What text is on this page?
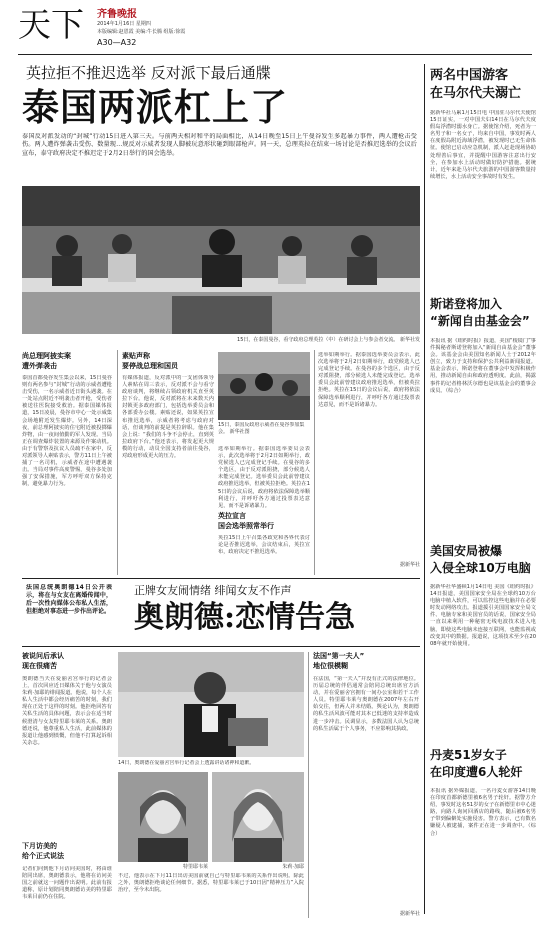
天下 齐鲁晚报
2014年1月16日 星期四
本版编辑:赵恩霞 美编:牛长腾 组版:徐霞
A30—A32
英拉拒不推迟选举 反对派下最后通牒
泰国两派杠上了
泰国反对派发动的“封城”行动15日进入第三天。与前两天相对和平的局面相比，从14日晚至15日上午曼谷发生多起暴力事件，两人遭枪击受伤。两人遭炸弹袭击受伤、数量现…规反对示威者发现人脚被玩意形状砸到眼部枪声。同一天，总理英拉在结束一场讨论是否推迟选举的会议后宣布，泰守政府决定不推迟定于2月2日举行的国会选举。
15日，在泰国曼谷，看守政府总理英拉（中）在研讨会上与参会者交流。 新华社发
尚总理阿披实案
遭外弹袭击
泰国首都曼谷发生集会以来，15日曼谷则有两名参与“封城”行动的示威者遭枪击受伤，一名示威者近日街头遇袭。在一处站点附近不明袭击者开枪，受伤者被送往医院接受救治。据泰国媒体报道，15日凌晨，曼谷市中心一处示威集会场地附近发生爆炸。另外，14日深夜，前总理阿披实的住宅附近被投掷爆炸物，由一夜间值勤的军人发现。当局正在调查爆炸装置的来源及作案动机。由于有警察及抗议人员疏不在家中，反对派领导人素贴表示，警方11日上午被捕了一名司机，示威者在途中遭遇袭击。当局对事件高度警惕，曼谷多处加强了安保措施，军方呼吁双方保持克制，避免暴力行为。
素贴声称
要停战总理和国员
有媒体报道，反对派中的一支团体领导人素贴在周三表示，反对派不会与看守政府谈判，将继续占领政府机关直至英拉下台。他说，反对派将在未来数天内封锁更多政府部门，包括选举委员会和各部委办公楼。素贴还说，如果英拉宣布推迟选举，示威者将考虑与政府对话，但谈判的前提是英拉辞职。他在集会上说：“我们的斗争不会停止，直到英拉政府下台。”他还表示，将发起更大规模的行动，动员全国支持者前往曼谷，对政府形成更大的压力。
15日，泰国反政府示威者在曼谷参加集会。 新华社图
选举如期举行。据泰国选举委员会表示，此次选举将于2月2日如期举行，政党候选人已完成登记手续。在曼谷的多个选区，由于反对派阻挠，部分候选人未能完成登记。选举委员会此前曾建议政府推迟选举，但被英拉拒绝。英拉在15日的会议后说，政府将依法保障选举顺利进行，并呼吁各方通过投票表达意见，而不是诉诸暴力。
英拉宣言
国会选举照常举行
英拉15日上午召集各政党和各界代表讨论是否推迟选举，会议结束后，英拉宣布，政府决定不推迟选举。
选举如期举行。据泰国选举委员会表示，此次选举将于2月2日如期举行，政党候选人已完成登记手续。在曼谷的多个选区，由于反对派阻挠，部分候选人未能完成登记。选举委员会此前曾建议政府推迟选举，但被英拉拒绝。英拉在15日的会议后说，政府将依法保障选举顺利进行，并呼吁各方通过投票表达意见，而不是诉诸暴力。
据新华社
两名中国游客
在马尔代夫溺亡
据新华社马累1月15日电 中国驻马尔代夫使馆15日证实，一对中国夫妇14日在马尔代夫度假岛浮潜时溺水身亡。据使馆介绍，死者为一名男子和一名女子，均来自中国，事发时两人在度假岛附近海域浮潜，被发现时已无生命体征。使馆已启动应急机制，派人赶赴现场协助处理善后事宜，并提醒中国游客注意出行安全，在参加水上活动时做好防护措施。据统计，近年来赴马尔代夫旅游的中国游客数量持续增长，水上活动安全事故时有发生。
斯诺登将加入
“新闻自由基金会”
本报讯 据《纽约时报》报道，美国“棱镜门”事件揭秘者斯诺登将加入“新闻自由基金会”董事会。该基金会由美国知名新闻人士于2012年创立，致力于支持和保护公共利益新闻报道。基金会表示，斯诺登将在董事会中发挥积极作用，推动新闻自由和政府透明度。此前，揭露事件的记者格林沃尔德也是该基金会的董事会成员。（综合）
美国安局被爆
入侵全球10万电脑
据新华社华盛顿1月14日电 美国《纽约时报》14日报道，美国国家安全局在全球约10万台电脑中植入软件，可以监控这些电脑并在必要时发动网络攻击。报道援引美国国家安全局文件、电脑专家和美国官员的话说，国家安全局一直以来利用一种秘密无线电波技术进入电脑，即使这些电脑未连接互联网，也能监视或改变其中的数据。报道说，这项技术至少在2008年就开始使用。
丹麦51岁女子
在印度遭6人轮奸
本报讯 据外媒报道，一名丹麦女游客14日晚在印度首都新德里被6名男子轮奸。据警方介绍，事发时这名51岁的女子在新德里市中心迷路，向路人询问回酒店的路线，随后被6名男子带到偏僻处实施侵害。警方表示，已有数名嫌疑人被逮捕，案件正在进一步调查中。（综合）
法国总统奥朗德14日公开表示，将在与女友在离婚传闻中，后一次性向媒体公布私人生活，但拒绝对事态进一步作出评论。
正牌女友闹情绪 绯闻女友不作声
奥朗德:恋情告急
被说问后承认
现在很痛苦
奥朗德当天在爱丽舍宫举行的记者会上，首次回应近日媒体关于他与女演员朱莉·加耶的绯闻报道。他说，每个人在私人生活中都会经历痛苦的时刻，我们现在正处于这样的时刻。他拒绝回答有关私生活的具体问题，表示会在适当时候澄清与女友特里耶韦莱的关系。奥朗德还说，他尊重私人生活，此前媒体的报道让他感到愤慨，但他不打算起诉相关杂志。
下月访美的
给个正式说法
记者们问到他下月访问美国时，将由谁陪同出席，奥朗德表示，他将在访问美国之前就这一问题作出说明。此前有报道称，原计划陪同奥朗德访美的特里耶韦莱目前仍在住院。
14日，奥朗德在爱丽舍宫举行记者会上透露讲话诸神和道歉。
特里耶韦莱	朱莉·加耶
不过，他表示在下月11日出访美国前就自己与特里耶韦莱的关系作出说明。除此之外，奥朗德拒绝谈论任何细节。据悉，特里耶韦莱已于10日因“精神压力”入院治疗，至今未出院。
法国“第一夫人”
地位很模糊
在法国，“第一夫人”并没有正式的法律地位。历届总统的伴侣通常会陪同总统出席官方活动，并在爱丽舍宫拥有一间办公室和若干工作人员。特里耶韦莱与奥朗德在2007年左右开始交往，但两人并未结婚。舆论认为，奥朗德的私生活风波可能对其本已低迷的支持率造成进一步冲击。民调显示，多数法国人认为总统的私生活属于个人事务，不应影响其执政。
据新华社
